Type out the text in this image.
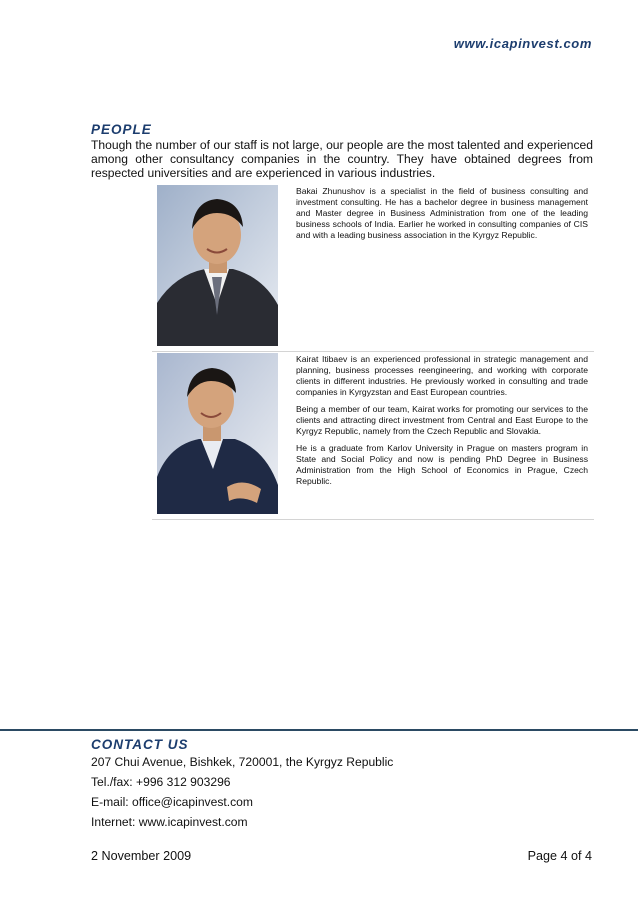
www.icapinvest.com
PEOPLE
Though the number of our staff is not large, our people are the most talented and experienced among other consultancy companies in the country. They have obtained degrees from respected universities and are experienced in various industries.

Bakai Zhunushov is a specialist in the field of business consulting and investment consulting. He has a bachelor degree in business management and Master degree in Business Administration from one of the leading business schools of India. Earlier he worked in consulting companies of CIS and with a leading business association in the Kyrgyz Republic.

Kairat Itibaev is an experienced professional in strategic management and planning, business processes reengineering, and working with corporate clients in different industries. He previously worked in consulting and trade companies in Kyrgyzstan and East European countries.

Being a member of our team, Kairat works for promoting our services to the clients and attracting direct investment from Central and East Europe to the Kyrgyz Republic, namely from the Czech Republic and Slovakia.

He is a graduate from Karlov University in Prague on masters program in State and Social Policy and now is pending PhD Degree in Business Administration from the High School of Economics in Prague, Czech Republic.

CONTACT US
207 Chui Avenue, Bishkek, 720001, the Kyrgyz Republic
Tel./fax: +996 312 903296
E-mail: office@icapinvest.com
Internet: www.icapinvest.com
2 November 2009	Page 4 of 4
